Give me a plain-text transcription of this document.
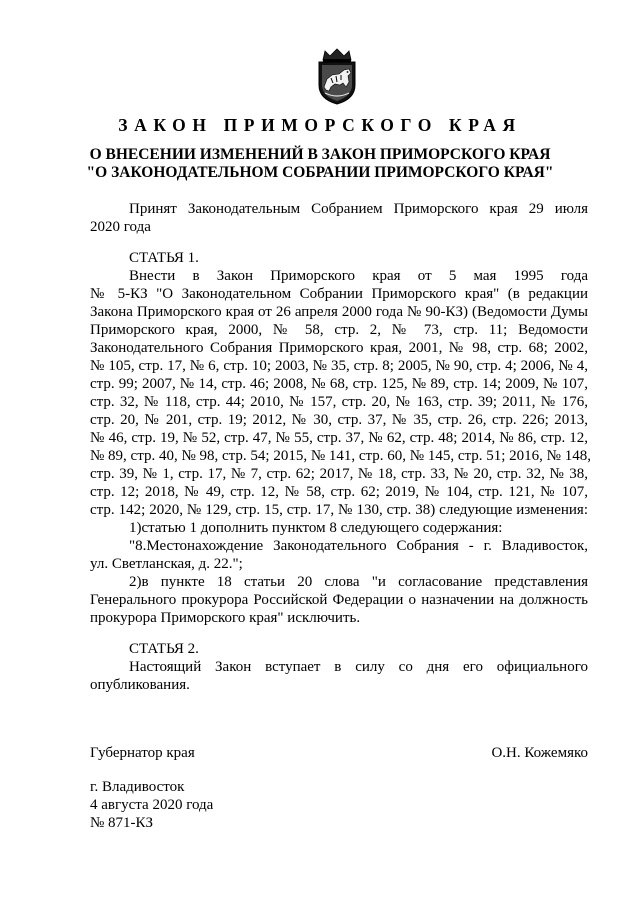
ЗАКОН ПРИМОРСКОГО КРАЯ
О ВНЕСЕНИИ ИЗМЕНЕНИЙ В ЗАКОН ПРИМОРСКОГО КРАЯ
"О ЗАКОНОДАТЕЛЬНОМ СОБРАНИИ ПРИМОРСКОГО КРАЯ"
Принят Законодательным Собранием Приморского края 29 июля
2020 года
СТАТЬЯ 1.
Внести в Закон Приморского края от 5 мая 1995 года
№ 5-КЗ "О Законодательном Собрании Приморского края" (в редакции
Закона Приморского края от 26 апреля 2000 года № 90-КЗ) (Ведомости Думы
Приморского края, 2000, № 58, стр. 2, № 73, стр. 11; Ведомости
Законодательного Собрания Приморского края, 2001, № 98, стр. 68; 2002,
№ 105, стр. 17, № 6, стр. 10; 2003, № 35, стр. 8; 2005, № 90, стр. 4; 2006, № 4,
стр. 99; 2007, № 14, стр. 46; 2008, № 68, стр. 125, № 89, стр. 14; 2009, № 107,
стр. 32, № 118, стр. 44; 2010, № 157, стр. 20, № 163, стр. 39; 2011, № 176,
стр. 20, № 201, стр. 19; 2012, № 30, стр. 37, № 35, стр. 26, стр. 226; 2013,
№ 46, стр. 19, № 52, стр. 47, № 55, стр. 37, № 62, стр. 48; 2014, № 86, стр. 12,
№ 89, стр. 40, № 98, стр. 54; 2015, № 141, стр. 60, № 145, стр. 51; 2016, № 148,
стр. 39, № 1, стр. 17, № 7, стр. 62; 2017, № 18, стр. 33, № 20, стр. 32, № 38,
стр. 12; 2018, № 49, стр. 12, № 58, стр. 62; 2019, № 104, стр. 121, № 107,
стр. 142; 2020, № 129, стр. 15, стр. 17, № 130, стр. 38) следующие изменения:
1)статью 1 дополнить пунктом 8 следующего содержания:
"8.Местонахождение Законодательного Собрания - г. Владивосток,
ул. Светланская, д. 22.";
2)в пункте 18 статьи 20 слова "и согласование представления
Генерального прокурора Российской Федерации о назначении на должность
прокурора Приморского края" исключить.
СТАТЬЯ 2.
Настоящий Закон вступает в силу со дня его официального
опубликования.
Губернатор края	О.Н. Кожемяко
г. Владивосток
4 августа 2020 года
№ 871-КЗ
